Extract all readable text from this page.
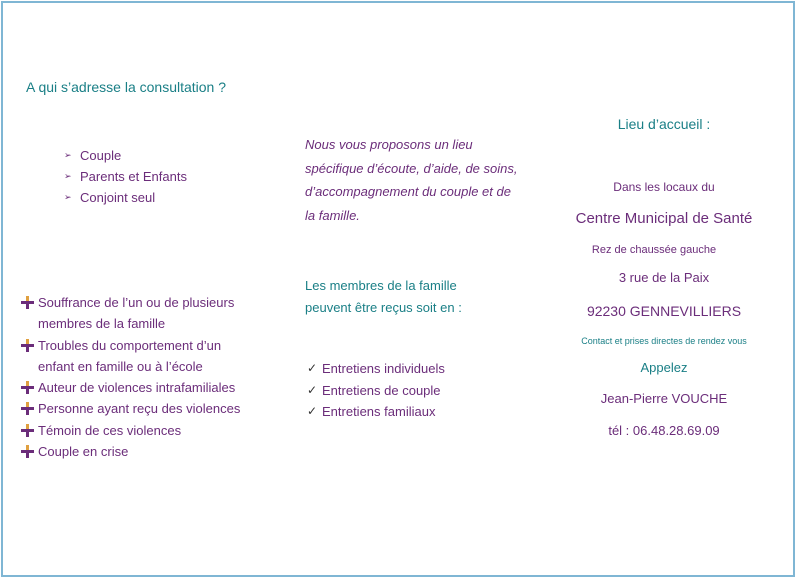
A qui s’adresse la consultation ?
➢ Couple
➢ Parents et Enfants
➢ Conjoint seul
Souffrance de l’un ou de plusieurs
membres de la famille
Troubles du comportement d’un
enfant en famille ou à l’école
Auteur de violences intrafamiliales
Personne ayant reçu des violences
Témoin de ces violences
Couple en crise
Nous vous proposons un lieu spécifique d’écoute, d’aide, de soins, d’accompagnement du couple et de la famille.
Les membres de la famille
peuvent être reçus soit en :
✓ Entretiens individuels
✓ Entretiens de couple
✓ Entretiens familiaux
Lieu d’accueil :
Dans les locaux du
Centre Municipal de Santé
Rez de chaussée gauche
3 rue de la Paix
92230 GENNEVILLIERS
Contact et prises directes de rendez vous
Appelez
Jean-Pierre VOUCHE
tél : 06.48.28.69.09
